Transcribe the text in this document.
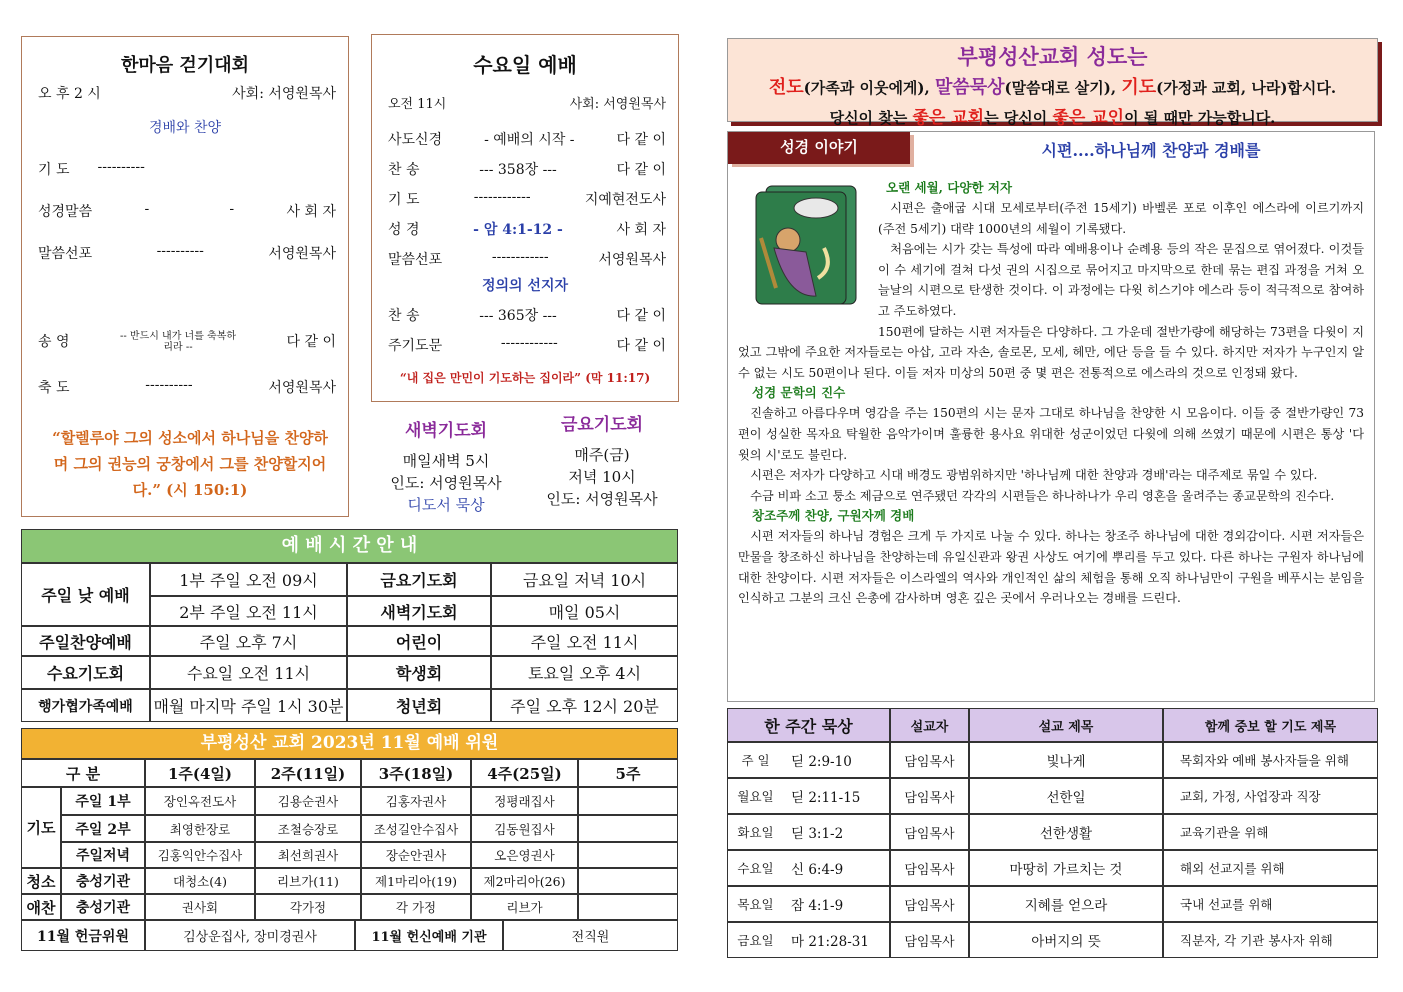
한마음 걷기대회
오 후 2 시	사회: 서영원목사
경배와 찬양
기 도 ----------
성경말씀	-                  -	사 회 자
말씀선포	----------	서영원목사
송 영	-- 반드시 내가 너를 축복하리라 --	다 같 이
축 도	----------	서영원목사
“할렐루야 그의 성소에서 하나님을 찬양하며 그의 권능의 궁창에서 그를 찬양할지어다.” (시 150:1)
수요일 예배
오전 11시	사회: 서영원목사
사도신경	- 예배의 시작 -	다 같 이
찬 송	--- 358장 ---	다 같 이
기 도	------------	지예현전도사
성 경	- 암 4:1-12 -	사 회 자
말씀선포	------------	서영원목사
정의의 선지자
찬 송	--- 365장 ---	다 같 이
주기도문	------------	다 같 이
“내 집은 만민이 기도하는 집이라” (막 11:17)
새벽기도회
매일새벽 5시
인도: 서영원목사
디도서 묵상
금요기도회
매주(금)
저녁 10시
인도: 서영원목사
예 배 시 간 안 내
부평성산 교회 2023년 11월 예배 위원
부평성산교회 성도는
전도(가족과 이웃에게), 말씀묵상(말씀대로 살기), 기도(가정과 교회, 나라)합시다.
당신이 찾는 좋은 교회는 당신이 좋은 교인이 될 때만 가능합니다.
성경 이야기	시편....하나님께 찬양과 경배를
오랜 세월, 다양한 저자

시편은 출애굽 시대 모세로부터(주전 15세기) 바벨론 포로 이후인 에스라에 이르기까지(주전 5세기) 대략 1000년의 세월이 기록됐다.

처음에는 시가 갖는 특성에 따라 예배용이나 순례용 등의 작은 문집으로 엮어졌다. 이것들이 수 세기에 걸쳐 다섯 권의 시집으로 묶어지고 마지막으로 한데 묶는 편집 과정을 거쳐 오늘날의 시편으로 탄생한 것이다. 이 과정에는 다윗 히스기야 에스라 등이 적극적으로 참여하고 주도하였다.

150편에 달하는 시편 저자들은 다양하다. 그 가운데 절반가량에 해당하는 73편을 다윗이 지었고 그밖에 주요한 저자들로는 아삽, 고라 자손, 솔로몬, 모세, 헤만, 에단 등을 들 수 있다. 하지만 저자가 누구인지 알 수 없는 시도 50편이나 된다. 이들 저자 미상의 50편 중 몇 편은 전통적으로 에스라의 것으로 인정돼 왔다.

성경 문학의 진수

진솔하고 아름다우며 영감을 주는 150편의 시는 문자 그대로 하나님을 찬양한 시 모음이다. 이들 중 절반가량인 73편이 성실한 목자요 탁월한 음악가이며 훌륭한 용사요 위대한 성군이었던 다윗에 의해 쓰였기 때문에 시편은 통상 '다윗의 시'로도 불린다.

시편은 저자가 다양하고 시대 배경도 광범위하지만 '하나님께 대한 찬양과 경배'라는 대주제로 묶일 수 있다.

수금 비파 소고 퉁소 제금으로 연주됐던 각각의 시편들은 하나하나가 우리 영혼을 울려주는 종교문학의 진수다.

창조주께 찬양, 구원자께 경배

시편 저자들의 하나님 경험은 크게 두 가지로 나눌 수 있다. 하나는 창조주 하나님에 대한 경외감이다. 시편 저자들은 만물을 창조하신 하나님을 찬양하는데 유일신관과 왕권 사상도 여기에 뿌리를 두고 있다. 다른 하나는 구원자 하나님에 대한 찬양이다. 시편 저자들은 이스라엘의 역사와 개인적인 삶의 체험을 통해 오직 하나님만이 구원을 베푸시는 분임을 인식하고 그분의 크신 은총에 감사하며 영혼 깊은 곳에서 우러나오는 경배를 드린다.

주일 낮 예배
1부 주일 오전 09시	금요기도회	금요일 저녁 10시
2부 주일 오전 11시	새벽기도회	매일 05시
주일찬양예배	주일 오후 7시	어린이	주일 오전 11시
수요기도회	수요일 오전 11시	학생회	토요일 오후 4시
행가협가족예배	매월 마지막 주일 1시 30분	청년회	주일 오후 12시 20분
구 분	1주(4일)	2주(11일)	3주(18일)	4주(25일)	5주
기도
청소
애찬
주일 1부	장인옥전도사	김용순권사	김홍자권사	정평래집사
주일 2부	최영한장로	조철승장로	조성길안수집사	김동원집사
주일저녁	김홍익안수집사	최선희권사	장순안권사	오은영권사
충성기관	대청소(4)	리브가(11)	제1마리아(19)	제2마리아(26)
충성기관	권사회	각가정	각 가정	리브가
11월 헌금위원	김상운집사, 장미경권사	11월 헌신예배 기관	전직원
한 주간 묵상	설교자	설교 제목	함께 중보 할 기도 제목
주 일	딛 2:9-10	담임목사	빛나게	목회자와 예배 봉사자들을 위해
월요일	딛 2:11-15	담임목사	선한일	교회, 가정, 사업장과 직장
화요일	딛 3:1-2	담임목사	선한생활	교육기관을 위해
수요일	신 6:4-9	담임목사	마땅히 가르치는 것	해외 선교지를 위해
목요일	잠 4:1-9	담임목사	지혜를 얻으라	국내 선교를 위해
금요일	마 21:28-31	담임목사	아버지의 뜻	직분자, 각 기관 봉사자 위해
